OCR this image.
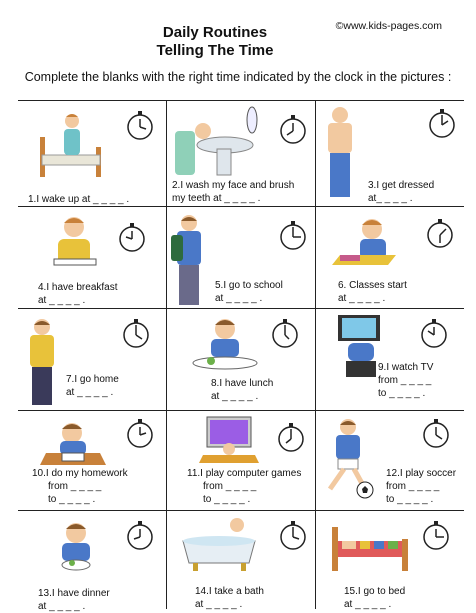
Daily Routines
Telling The Time
©www.kids-pages.com
Complete the blanks with the right time indicated by the clock in the pictures :
1.I wake up at _ _ _ _ .
2.I wash my face and brush
my teeth at _ _ _ _ .
3.I get dressed
at_ _ _ _ .
4.I have breakfast
at _ _ _ _ .
5.I go to school
at _ _ _ _ .
6. Classes start
at _ _ _ _ .
7.I go home
at _ _ _ _ .
8.I have lunch
at _ _ _ _ .
9.I watch TV
from _ _ _ _
to _ _ _ _ .
10.I do my homework
from _ _ _ _
to _ _ _ _ .
11.I play computer games
from _ _ _ _
to _ _ _ _ .
12.I play soccer
from _ _ _ _
to _ _ _ _ .
13.I have dinner
at _ _ _ _ .
14.I take a bath
at _ _ _ _ .
15.I go to bed
at _ _ _ _ .
